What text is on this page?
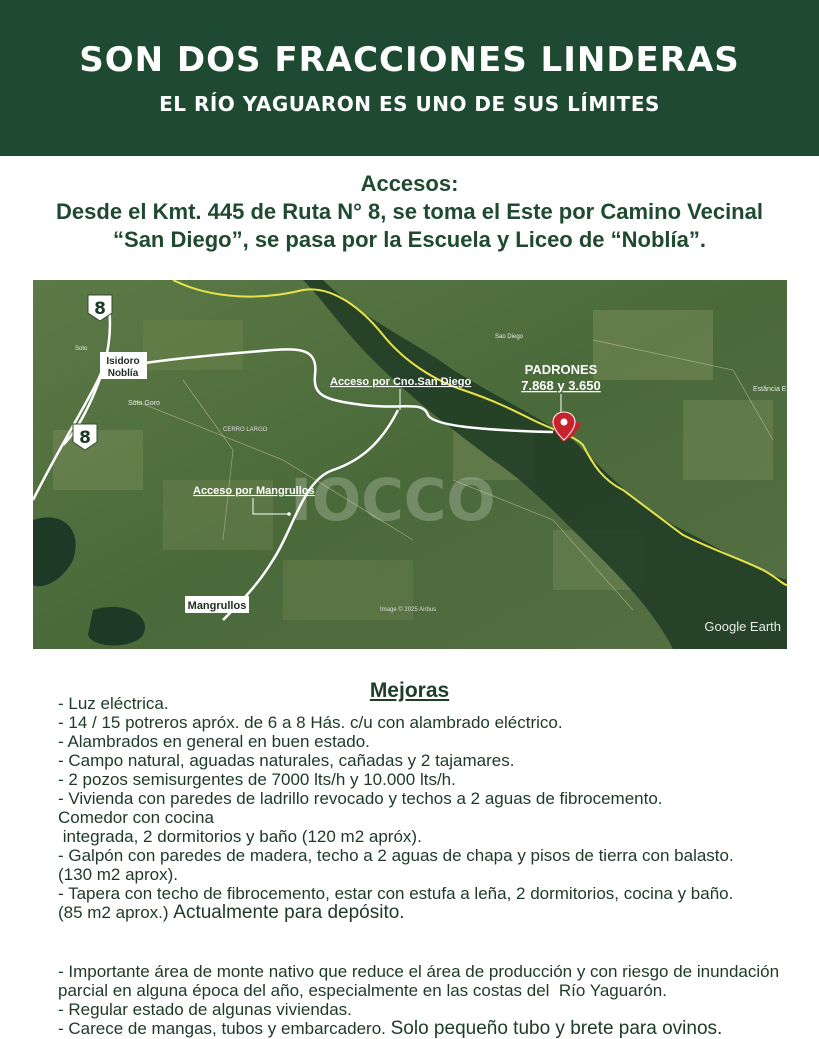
SON DOS FRACCIONES LINDERAS
EL RÍO YAGUARON ES UNO DE SUS LÍMITES
Accesos:
Desde el Kmt. 445 de Ruta N° 8, se toma el Este por Camino Vecinal
“San Diego”, se pasa por la Escuela y Liceo de “Noblía”.
IOCCO
8
8
Isidoro
Noblía
Soto
Soto Goro
CERRO LARGO
Sao Diego
Estância E
Image © 2025 Airbus
Acceso por Cno.San Diego
PADRONES
7.868 y 3.650
Acceso por Mangrullos
Mangrullos
Google Earth
Mejoras
- Luz eléctrica.
- 14 / 15 potreros apróx. de 6 a 8 Hás. c/u con alambrado eléctrico.
- Alambrados en general en buen estado.
- Campo natural, aguadas naturales, cañadas y 2 tajamares.
- 2 pozos semisurgentes de 7000 lts/h y 10.000 lts/h.
- Vivienda con paredes de ladrillo revocado y techos a 2 aguas de fibrocemento.
Comedor con cocina
integrada, 2 dormitorios y baño (120 m2 apróx).
- Galpón con paredes de madera, techo a 2 aguas de chapa y pisos de tierra con balasto.
(130 m2 aprox).
- Tapera con techo de fibrocemento, estar con estufa a leña, 2 dormitorios, cocina y baño.
(85 m2 aprox.) Actualmente para depósito.
- Importante área de monte nativo que reduce el área de producción y con riesgo de inundación
parcial en alguna época del año, especialmente en las costas del  Río Yaguarón.
- Regular estado de algunas viviendas.
- Carece de mangas, tubos y embarcadero. Solo pequeño tubo y brete para ovinos.
